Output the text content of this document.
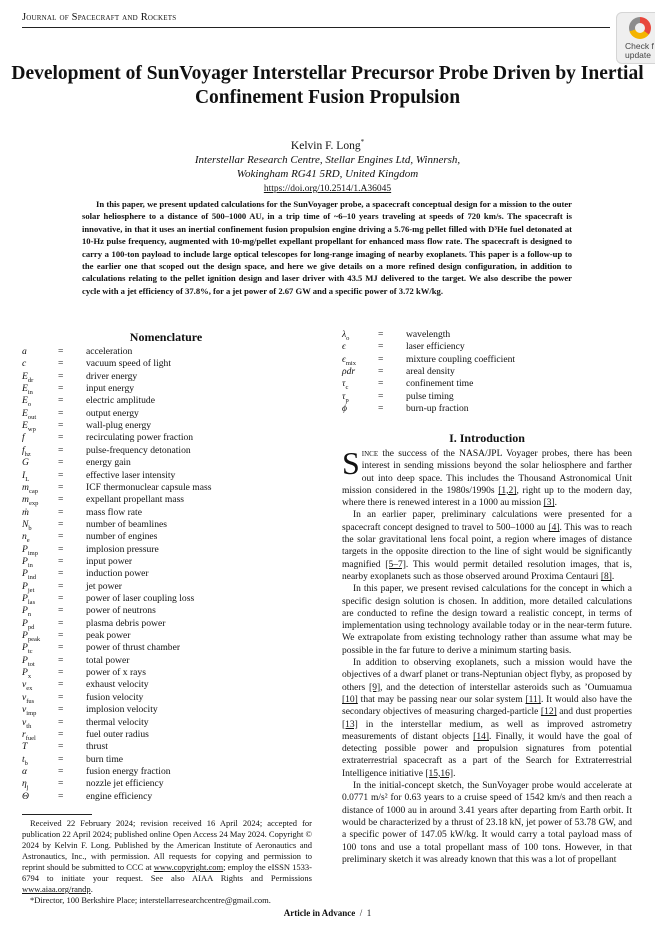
Journal of Spacecraft and Rockets
Check f
update
Development of SunVoyager Interstellar Precursor Probe Driven by Inertial Confinement Fusion Propulsion
Kelvin F. Long*
Interstellar Research Centre, Stellar Engines Ltd, Winnersh,
Wokingham RG41 5RD, United Kingdom
https://doi.org/10.2514/1.A36045
In this paper, we present updated calculations for the SunVoyager probe, a spacecraft conceptual design for a mission to the outer solar heliosphere to a distance of 500–1000 AU, in a trip time of ~6–10 years traveling at speeds of 720 km/s. The spacecraft is innovative, in that it uses an inertial confinement fusion propulsion engine driving a 5.76-mg pellet filled with D³He fuel detonated at 10-Hz pulse frequency, augmented with 10-mg/pellet expellant propellant for enhanced mass flow rate. The spacecraft is designed to carry a 100-ton payload to include large optical telescopes for long-range imaging of nearby exoplanets. This paper is a follow-up to the earlier one that scoped out the design space, and here we give details on a more refined design configuration, in addition to calculations relating to the pellet ignition design and laser driver with 43.5 MJ delivered to the target. We also describe the power cycle with a jet efficiency of 37.8%, for a jet power of 2.67 GW and a specific power of 3.72 kW/kg.
Nomenclature
a	= acceleration
c	= vacuum speed of light
$E_{dr}$	= driver energy
$E_{in}$	= input energy
$E_o$	= electric amplitude
$E_{out}$ = output energy
$E_{wp}$ = wall-plug energy
f	= recirculating power fraction
$f_{hz}$	= pulse-frequency detonation
G	= energy gain
$I_L$	= effective laser intensity
$m_{cap}$ = ICF thermonuclear capsule mass
$m_{exp}$ = expellant propellant mass
ṁ	= mass flow rate
$N_b$	= number of beamlines
$n_e$	= number of engines
$P_{imp}$ = implosion pressure
$P_{in}$	= input power
$P_{ind}$ = induction power
$P_{jet}$ = jet power
$P_{las}$ = power of laser coupling loss
$P_n$	= power of neutrons
$P_{pd}$ = plasma debris power
$P_{peak}$ = peak power
$P_{tc}$	= power of thrust chamber
$P_{tot}$ = total power
$P_x$	= power of x rays
$v_{ex}$	= exhaust velocity
$v_{fus}$ = fusion velocity
$v_{imp}$ = implosion velocity
$v_{th}$	= thermal velocity
$r_{fuel}$ = fuel outer radius
T	= thrust
$t_b$	= burn time
α	= fusion energy fraction
$\eta_j$	= nozzle jet efficiency
Θ	= engine efficiency
$\lambda_o$	= wavelength
ϵ	= laser efficiency
$\epsilon_{mix}$ = mixture coupling coefficient
ρdr = areal density
$\tau_c$	= confinement time
$\tau_p$	= pulse timing
ϕ	= burn-up fraction
Received 22 February 2024; revision received 16 April 2024; accepted for publication 22 April 2024; published online Open Access 24 May 2024. Copyright © 2024 by Kelvin F. Long. Published by the American Institute of Aeronautics and Astronautics, Inc., with permission. All requests for copying and permission to reprint should be submitted to CCC at www.copyright.com; employ the eISSN 1533-6794 to initiate your request. See also AIAA Rights and Permissions www.aiaa.org/randp.
*Director, 100 Berkshire Place; interstellarresearchcentre@gmail.com.
I. Introduction

Since the success of the NASA/JPL Voyager probes, there has been interest in sending missions beyond the solar heliosphere and farther out into deep space. This includes the Thousand Astronomical Unit mission considered in the 1980s/1990s [1,2], right up to the modern day, where there is renewed interest in a 1000 au mission [3].

In an earlier paper, preliminary calculations were presented for a spacecraft concept designed to travel to 500–1000 au [4]. This was to reach the solar gravitational lens focal point, a region where images of distance targets in the opposite direction to the line of sight would be significantly magnified [5–7]. This would permit detailed resolution images, that is, nearby exoplanets such as those observed around Proxima Centauri [8].

In this paper, we present revised calculations for the concept in which a specific design solution is chosen. In addition, more detailed calculations are conducted to refine the design toward a realistic concept, in terms of implementation using technology available today or in the near-term future. We extrapolate from existing technology rather than assume what may be possible in the far future to derive a minimum starting basis.

In addition to observing exoplanets, such a mission would have the objectives of a dwarf planet or trans-Neptunian object flyby, as proposed by others [9], and the detection of interstellar asteroids such as ’Oumuamua [10] that may be passing near our solar system [11]. It would also have the secondary objectives of measuring charged-particle [12] and dust properties [13] in the interstellar medium, as well as improved astrometry measurements of distant objects [14]. Finally, it would have the goal of detecting possible power and propulsion signatures from potential extraterrestrial spacecraft as a part of the Search for Extraterrestrial Intelligence initiative [15,16].

In the initial-concept sketch, the SunVoyager probe would accelerate at 0.0771 m/s² for 0.63 years to a cruise speed of 1542 km/s and then reach a distance of 1000 au in around 3.41 years after departing from Earth orbit. It would be characterized by a thrust of 23.18 kN, jet power of 53.78 GW, and a specific power of 147.05 kW/kg. It would carry a total payload mass of 100 tons and use a total propellant mass of 100 tons. However, in that preliminary sketch it was already known that this was a lot of propellant

Article in Advance / 1
